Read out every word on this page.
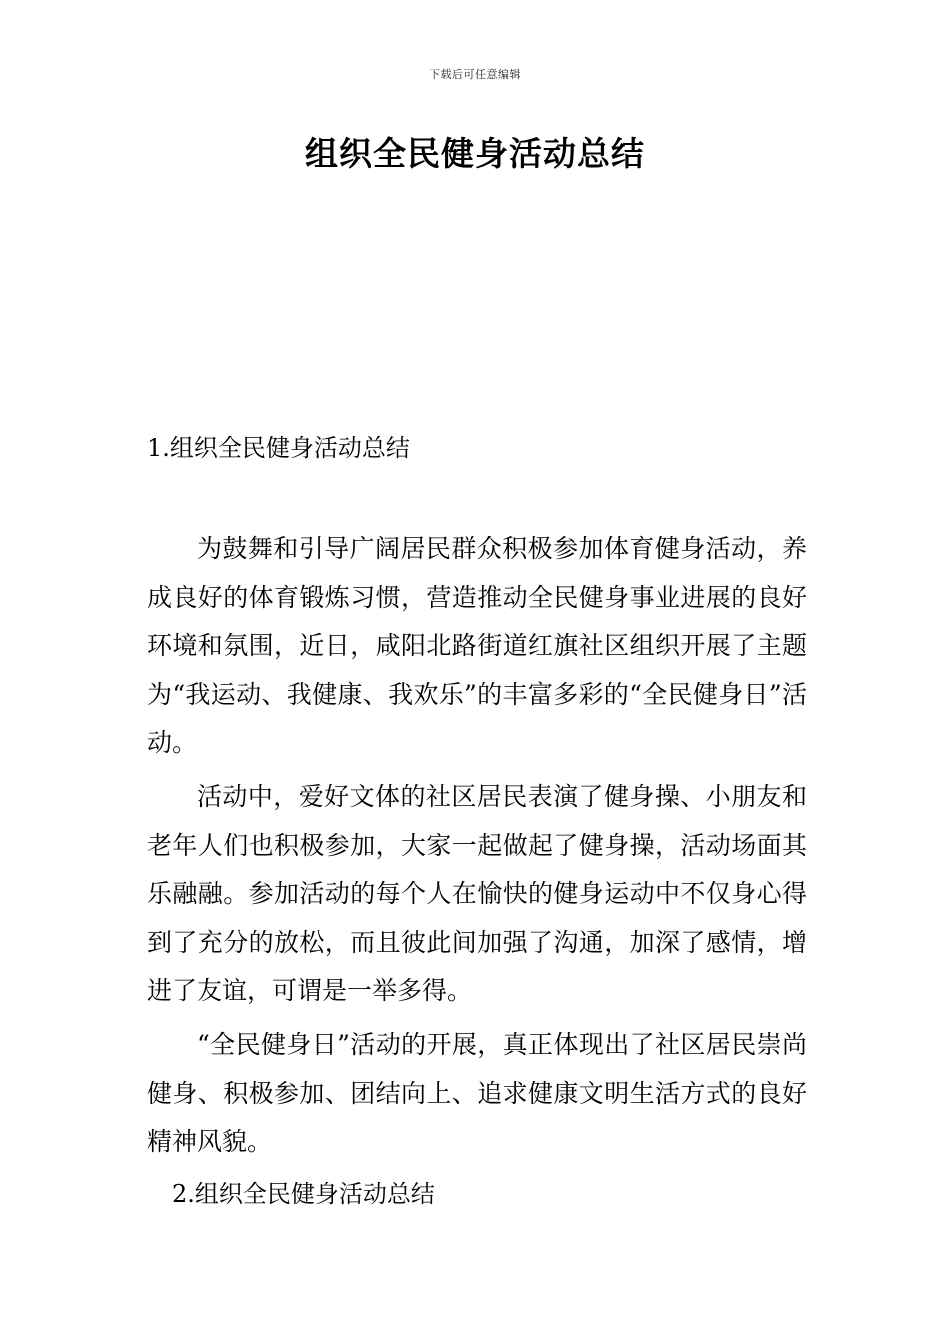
下载后可任意编辑
组织全民健身活动总结
1.组织全民健身活动总结

为鼓舞和引导广阔居民群众积极参加体育健身活动，养成良好的体育锻炼习惯，营造推动全民健身事业进展的良好环境和氛围，近日，咸阳北路街道红旗社区组织开展了主题为“我运动、我健康、我欢乐”的丰富多彩的“全民健身日”活动。

活动中，爱好文体的社区居民表演了健身操、小朋友和老年人们也积极参加，大家一起做起了健身操，活动场面其乐融融。参加活动的每个人在愉快的健身运动中不仅身心得到了充分的放松，而且彼此间加强了沟通，加深了感情，增进了友谊，可谓是一举多得。

“全民健身日”活动的开展，真正体现出了社区居民崇尚健身、积极参加、团结向上、追求健康文明生活方式的良好精神风貌。

2.组织全民健身活动总结
